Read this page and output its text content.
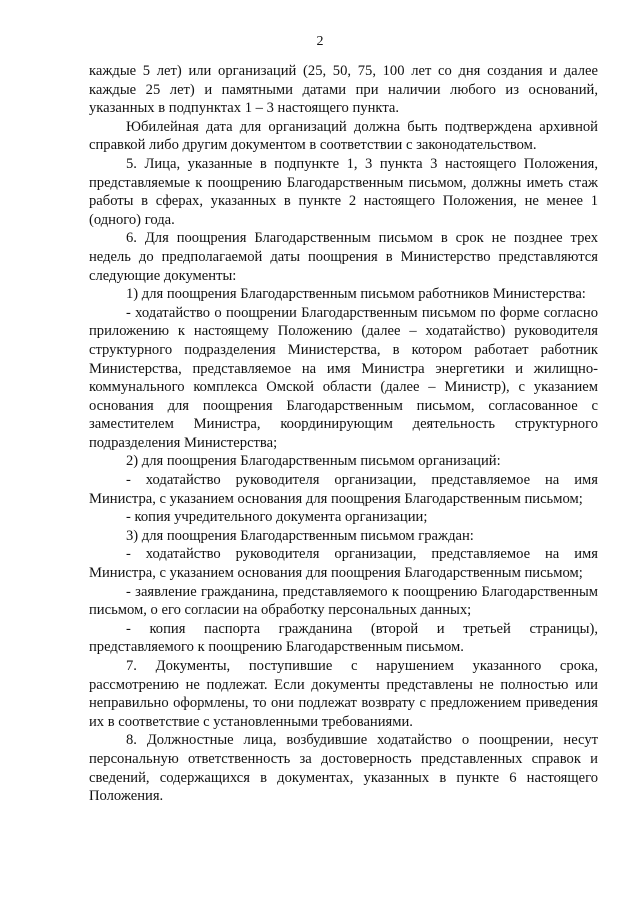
2

каждые 5 лет) или организаций (25, 50, 75, 100 лет со дня создания и далее каждые 25 лет) и памятными датами при наличии любого из оснований, указанных в подпунктах 1 – 3 настоящего пункта.

Юбилейная дата для организаций должна быть подтверждена архивной справкой либо другим документом в соответствии с законодательством.

5. Лица, указанные в подпункте 1, 3 пункта 3 настоящего Положения, представляемые к поощрению Благодарственным письмом, должны иметь стаж работы в сферах, указанных в пункте 2 настоящего Положения, не менее 1 (одного) года.

6. Для поощрения Благодарственным письмом в срок не позднее трех недель до предполагаемой даты поощрения в Министерство представляются следующие документы:

1) для поощрения Благодарственным письмом работников Министерства:

- ходатайство о поощрении Благодарственным письмом по форме согласно приложению к настоящему Положению (далее – ходатайство) руководителя структурного подразделения Министерства, в котором работает работник Министерства, представляемое на имя Министра энергетики и жилищно-коммунального комплекса Омской области (далее – Министр), с указанием основания для поощрения Благодарственным письмом, согласованное с заместителем Министра, координирующим деятельность структурного подразделения Министерства;

2) для поощрения Благодарственным письмом организаций:

- ходатайство руководителя организации, представляемое на имя Министра, с указанием основания для поощрения Благодарственным письмом;

- копия учредительного документа организации;

3) для поощрения Благодарственным письмом граждан:

- ходатайство руководителя организации, представляемое на имя Министра, с указанием основания для поощрения Благодарственным письмом;

- заявление гражданина, представляемого к поощрению Благодарственным письмом, о его согласии на обработку персональных данных;

- копия паспорта гражданина (второй и третьей страницы), представляемого к поощрению Благодарственным письмом.

7. Документы, поступившие с нарушением указанного срока, рассмотрению не подлежат. Если документы представлены не полностью или неправильно оформлены, то они подлежат возврату с предложением приведения их в соответствие с установленными требованиями.

8. Должностные лица, возбудившие ходатайство о поощрении, несут персональную ответственность за достоверность представленных справок и сведений, содержащихся в документах, указанных в пункте 6 настоящего Положения.
